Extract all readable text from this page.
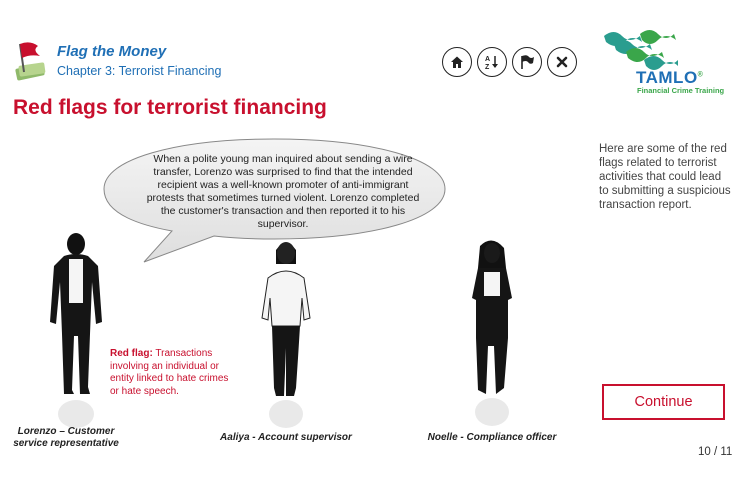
Flag the Money
Chapter 3: Terrorist Financing
A
Z
TAMLO®
Financial Crime Training
Red flags for terrorist financing
When a polite young man inquired about sending a wire transfer, Lorenzo was surprised to find that the intended recipient was a well-known promoter of anti-immigrant protests that sometimes turned violent. Lorenzo completed the customer's transaction and then reported it to his supervisor.
Here are some of the red flags related to terrorist activities that could lead to submitting a suspicious transaction report.
Red flag: Transactions involving an individual or entity linked to hate crimes or hate speech.
Lorenzo – Customer
service representative
Aaliya - Account supervisor	Noelle - Compliance officer
Continue
10 / 11
